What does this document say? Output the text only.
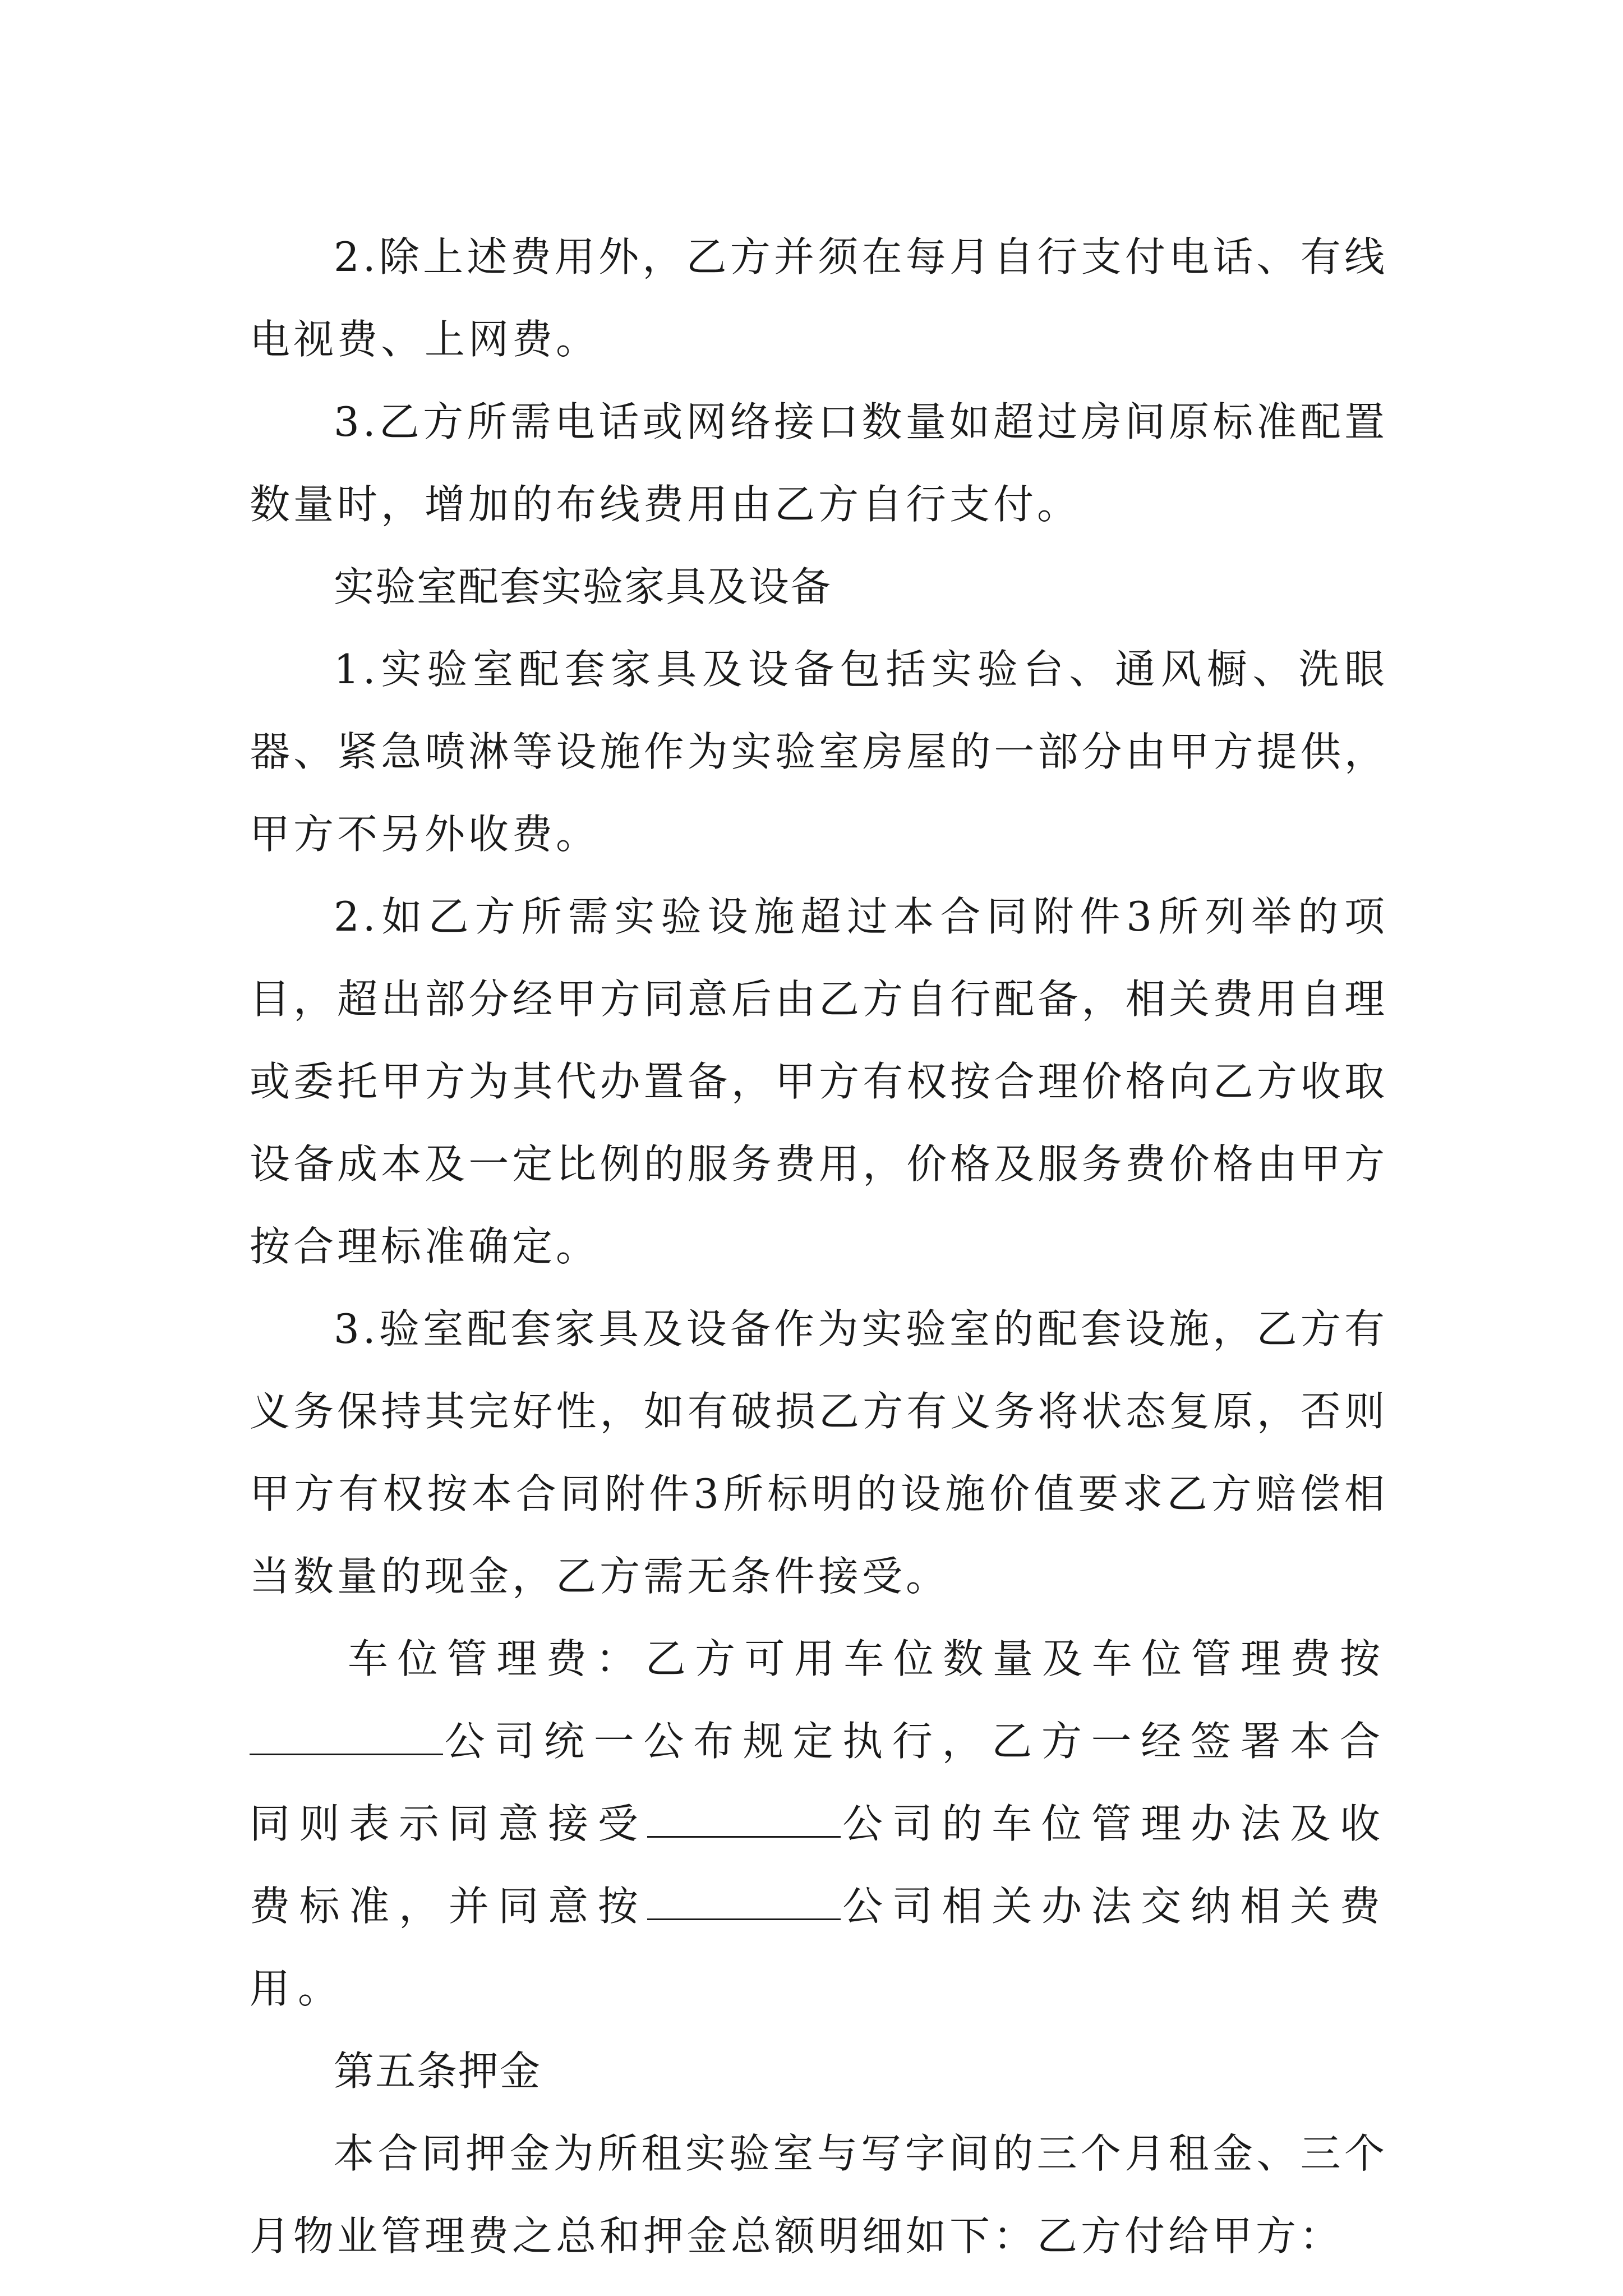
2.除上述费用外，乙方并须在每月自行支付电话、有线电视费、上网费。

3.乙方所需电话或网络接口数量如超过房间原标准配置数量时，增加的布线费用由乙方自行支付。

实验室配套实验家具及设备

1.实验室配套家具及设备包括实验台、通风橱、洗眼器、紧急喷淋等设施作为实验室房屋的一部分由甲方提供，甲方不另外收费。

2.如乙方所需实验设施超过本合同附件3所列举的项目，超出部分经甲方同意后由乙方自行配备，相关费用自理或委托甲方为其代办置备，甲方有权按合理价格向乙方收取设备成本及一定比例的服务费用，价格及服务费价格由甲方按合理标准确定。

3.验室配套家具及设备作为实验室的配套设施，乙方有义务保持其完好性，如有破损乙方有义务将状态复原，否则甲方有权按本合同附件3所标明的设施价值要求乙方赔偿相当数量的现金，乙方需无条件接受。

车位管理费：乙方可用车位数量及车位管理费按公司统一公布规定执行，乙方一经签署本合同则表示同意接受	公司的车位管理办法及收费标准，并同意按	公司相关办法交纳相关费用。

第五条押金

本合同押金为所租实验室与写字间的三个月租金、三个月物业管理费之总和押金总额明细如下：乙方付给甲方：
